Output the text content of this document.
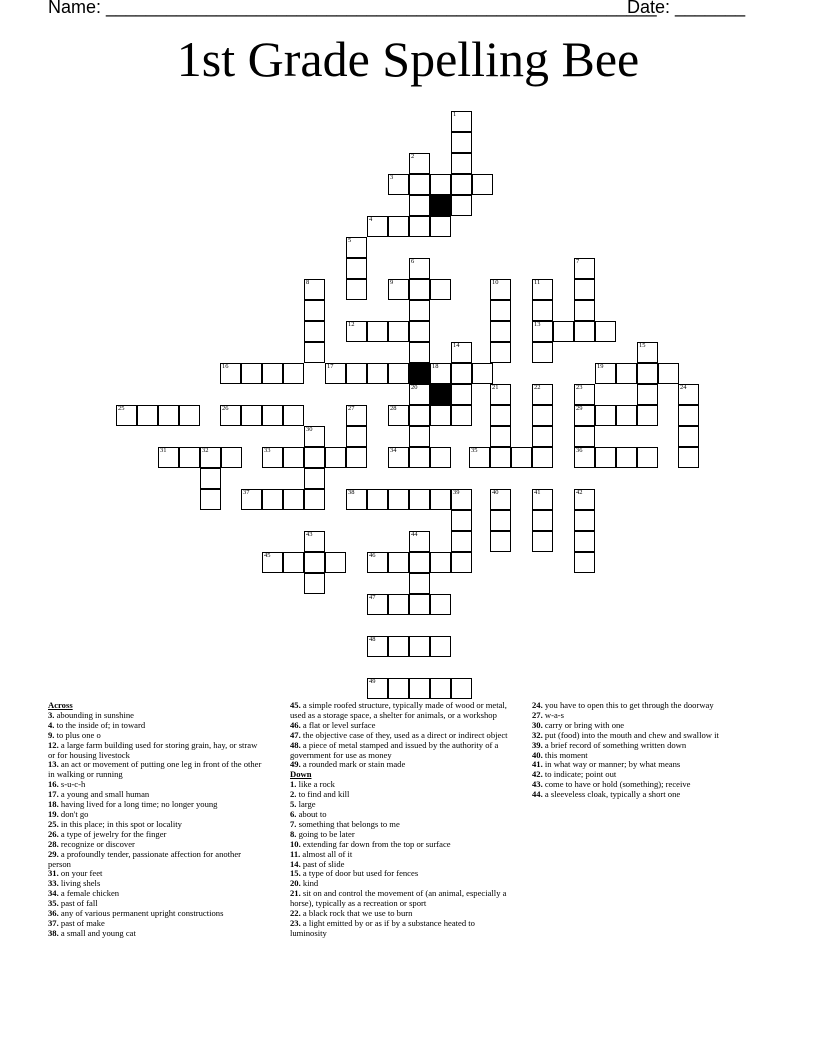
Name: _______________________________________________________
Date: _______
1st Grade Spelling Bee
1
2
3
4
5
6
9
7
13
11
10
8
12
16	17	18
14
19
15
20	21	22	23	24
25	26	27	28	29
30
31	32	33	34	35	36
37	38	39	40	41	42
43	44
45	46
47
48
49
Across
3. abounding in sunshine
4. to the inside of; in toward
9. to plus one o
12. a large farm building used for storing grain, hay, or straw or for housing livestock
13. an act or movement of putting one leg in front of the other in walking or running
16. s-u-c-h
17. a young and small human
18. having lived for a long time; no longer young
19. don't go
25. in this place; in this spot or locality
26. a type of jewelry for the finger
28. recognize or discover
29. a profoundly tender, passionate affection for another person
31. on your feet
33. living shels
34. a female chicken
35. past of fall
36. any of various permanent upright constructions
37. past of make
38. a small and young cat
45. a simple roofed structure, typically made of wood or metal, used as a storage space, a shelter for animals, or a workshop
46. a flat or level surface
47. the objective case of they, used as a direct or indirect object
48. a piece of metal stamped and issued by the authority of a government for use as money
49. a rounded mark or stain made
Down
1. like a rock
2. to find and kill
5. large
6. about to
7. something that belongs to me
8. going to be later
10. extending far down from the top or surface
11. almost all of it
14. past of slide
15. a type of door but used for fences
20. kind
21. sit on and control the movement of (an animal, especially a horse), typically as a recreation or sport
22. a black rock that we use to burn
23. a light emitted by or as if by a substance heated to luminosity
24. you have to open this to get through the doorway
27. w-a-s
30. carry or bring with one
32. put (food) into the mouth and chew and swallow it
39. a brief record of something written down
40. this moment
41. in what way or manner; by what means
42. to indicate; point out
43. come to have or hold (something); receive
44. a sleeveless cloak, typically a short one
